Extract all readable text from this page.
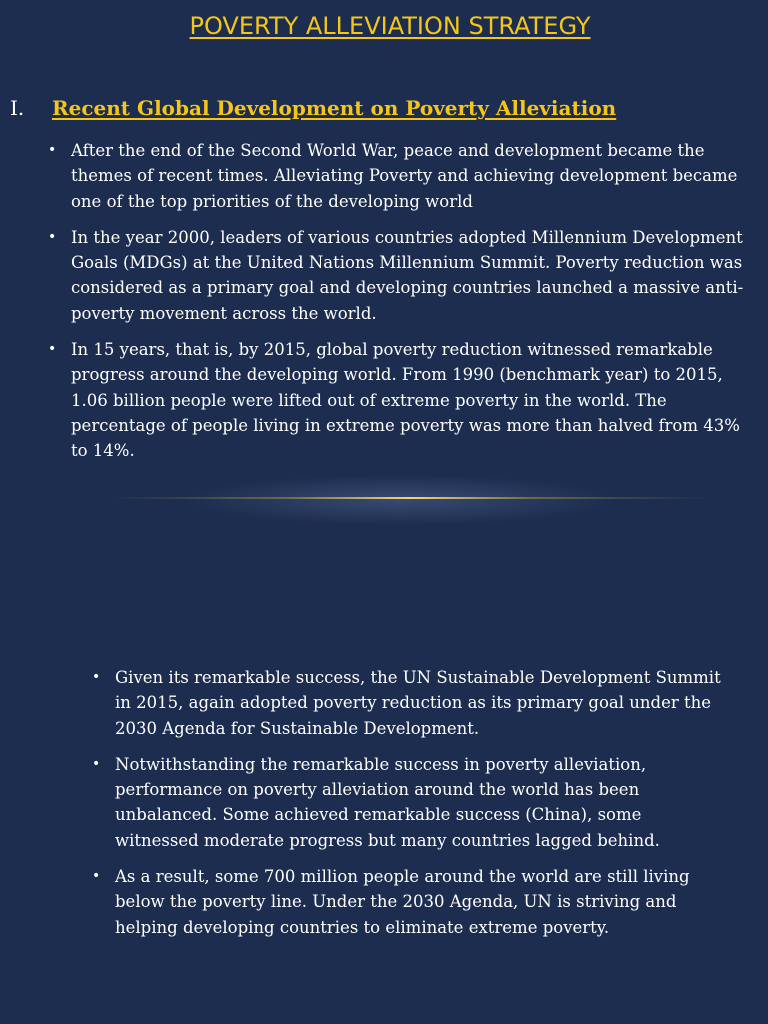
POVERTY ALLEVIATION STRATEGY
I. Recent Global Development on Poverty Alleviation
• After the end of the Second World War, peace and development became the themes of recent times. Alleviating Poverty and achieving development became one of the top priorities of the developing world
• In the year 2000, leaders of various countries adopted Millennium Development Goals (MDGs) at the United Nations Millennium Summit. Poverty reduction was considered as a primary goal and developing countries launched a massive anti-poverty movement across the world.
• In 15 years, that is, by 2015, global poverty reduction witnessed remarkable progress around the developing world. From 1990 (benchmark year) to 2015, 1.06 billion people were lifted out of extreme poverty in the world. The percentage of people living in extreme poverty was more than halved from 43% to 14%.
• Given its remarkable success, the UN Sustainable Development Summit in 2015, again adopted poverty reduction as its primary goal under the 2030 Agenda for Sustainable Development.
• Notwithstanding the remarkable success in poverty alleviation, performance on poverty alleviation around the world has been unbalanced. Some achieved remarkable success (China), some witnessed moderate progress but many countries lagged behind.
• As a result, some 700 million people around the world are still living below the poverty line. Under the 2030 Agenda, UN is striving and helping developing countries to eliminate extreme poverty.
